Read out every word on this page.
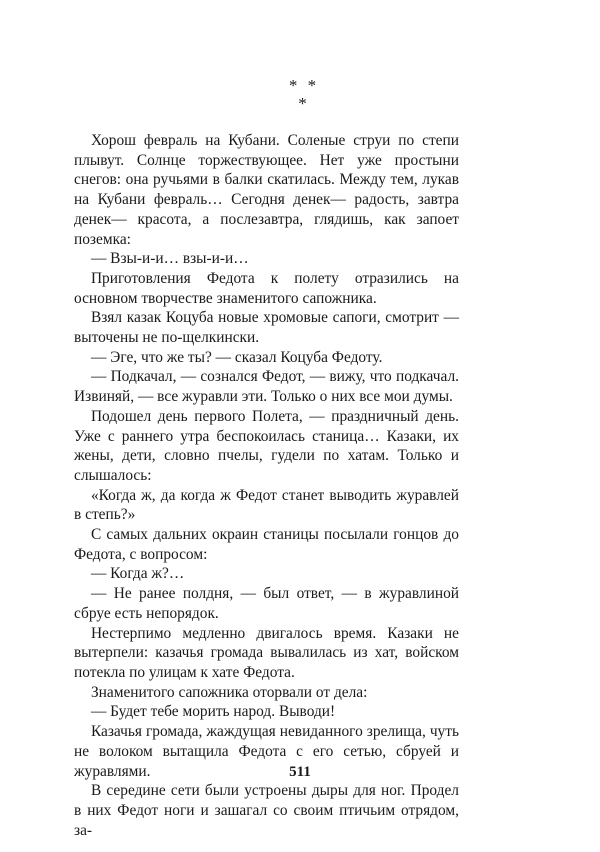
* *
*

Хорош февраль на Кубани. Соленые струи по степи плывут. Солнце торжествующее. Нет уже простыни снегов: она ручьями в балки скатилась. Между тем, лукав на Кубани февраль… Сегодня денек— радость, завтра денек— красота, а послезавтра, глядишь, как запоет поземка:

— Взы-и-и… взы-и-и…

Приготовления Федота к полету отразились на основном творчестве знаменитого сапожника.

Взял казак Коцуба новые хромовые сапоги, смотрит — выточены не по-щелкински.

— Эге, что же ты? — сказал Коцуба Федоту.

— Подкачал, — сознался Федот, — вижу, что подкачал. Извиняй, — все журавли эти. Только о них все мои думы.

Подошел день первого Полета, — праздничный день. Уже с раннего утра беспокоилась станица… Казаки, их жены, дети, словно пчелы, гудели по хатам. Только и слышалось:

«Когда ж, да когда ж Федот станет выводить журавлей в степь?»

С самых дальних окраин станицы посылали гонцов до Федота, с вопросом:

— Когда ж?…

— Не ранее полдня, — был ответ, — в журавлиной сбруе есть непорядок.

Нестерпимо медленно двигалось время. Казаки не вытерпели: казачья громада вывалилась из хат, войском потекла по улицам к хате Федота.

Знаменитого сапожника оторвали от дела:

— Будет тебе морить народ. Выводи!

Казачья громада, жаждущая невиданного зрелища, чуть не волоком вытащила Федота с его сетью, сбруей и журавлями.

В середине сети были устроены дыры для ног. Продел в них Федот ноги и зашагал со своим птичьим отрядом, за-

511
